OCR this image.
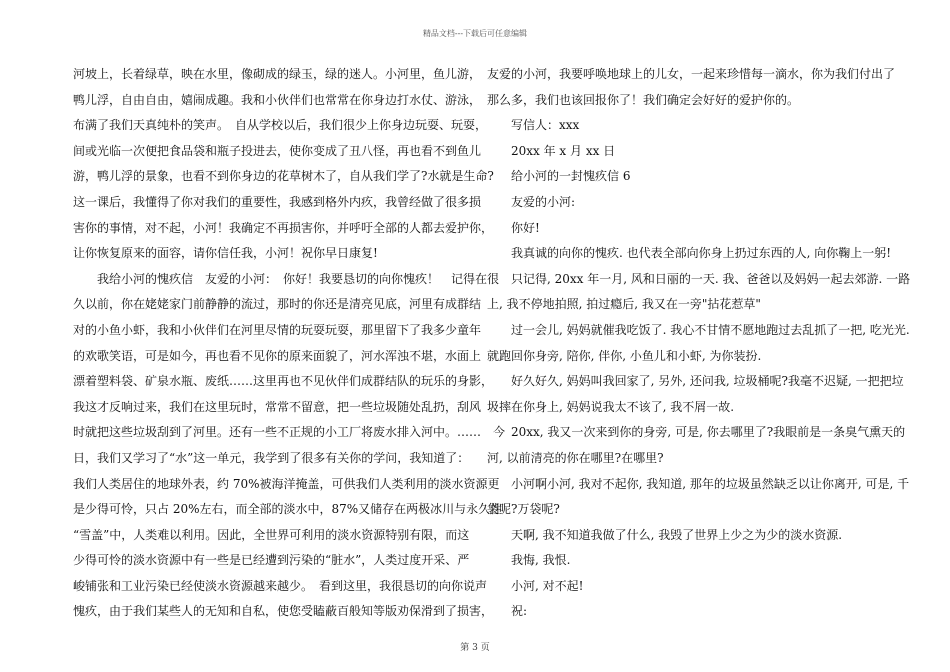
精品文档---下载后可任意编辑
河坡上，长着绿草，映在水里，像砌成的绿玉，绿的迷人。小河里，鱼儿游，
鸭儿浮，自由自由，嬉闹成趣。我和小伙伴们也常常在你身边打水仗、游泳，
布满了我们天真纯朴的笑声。　自从学校以后，我们很少上你身边玩耍、玩耍，
间或光临一次便把食品袋和瓶子投进去，使你变成了丑八怪，再也看不到鱼儿
游，鸭儿浮的景象，也看不到你身边的花草树木了，自从我们学了?水就是生命?
这一课后，我懂得了你对我们的重要性，我感到格外内疚，我曾经做了很多损
害你的事情，对不起，小河！我确定不再损害你，并呼吁全部的人都去爱护你，
让你恢复原来的面容，请你信任我，小河！祝你早日康复!
　　我给小河的愧疚信　友爱的小河：　你好！我要恳切的向你愧疚！　记得在很
久以前，你在姥姥家门前静静的流过，那时的你还是清亮见底，河里有成群结
对的小鱼小虾，我和小伙伴们在河里尽情的玩耍玩耍，那里留下了我多少童年
的欢歌笑语，可是如今，再也看不见你的原来面貌了，河水浑浊不堪，水面上
漂着塑料袋、矿泉水瓶、废纸……这里再也不见伙伴们成群结队的玩乐的身影，
我这才反响过来，我们在这里玩时，常常不留意，把一些垃圾随处乱扔，刮风
时就把这些垃圾刮到了河里。还有一些不正规的小工厂将废水排入河中。……　今
日，我们又学习了“水”这一单元，我学到了很多有关你的学问，我知道了：
我们人类居住的地球外表，约 70%被海洋掩盖，可供我们人类利用的淡水资源更
是少得可怜，只占 20%左右，而全部的淡水中，87%又储存在两极冰川与永久性
“雪盖”中，人类难以利用。因此，全世界可利用的淡水资源特别有限，而这
少得可怜的淡水资源中有一些是已经遭到污染的“脏水”，人类过度开采、严
峻铺张和工业污染已经使淡水资源越来越少。　看到这里，我很恳切的向你说声
愧疚，由于我们某些人的无知和自私，使您受瞌蔽百般知等版劝保滑到了损害，
友爱的小河，我要呼唤地球上的儿女，一起来珍惜每一滴水，你为我们付出了
那么多，我们也该回报你了！我们确定会好好的爱护你的。
　　写信人：xxx
　　20xx 年 x 月 xx 日
　　给小河的一封愧疚信 6
　　友爱的小河:
　　你好!
　　我真诚的向你的愧疚. 也代表全部向你身上扔过东西的人, 向你鞠上一躬!
　　只记得, 20xx 年一月, 风和日丽的一天. 我、爸爸以及妈妈一起去郊游. 一路
上, 我不停地拍照, 拍过瘾后, 我又在一旁"拈花惹草"
　　过一会儿, 妈妈就催我吃饭了. 我心不甘情不愿地跑过去乱抓了一把, 吃光光.
就跑回你身旁, 陪你, 伴你, 小鱼儿和小虾, 为你装扮.
　　好久好久, 妈妈叫我回家了, 另外, 还问我, 垃圾桶呢?我毫不迟疑, 一把把垃
圾摔在你身上, 妈妈说我太不该了, 我不屑一故.
　　20xx, 我又一次来到你的身旁, 可是, 你去哪里了?我眼前是一条臭气熏天的
河, 以前清亮的你在哪里?在哪里?
　　小河啊小河, 我对不起你, 我知道, 那年的垃圾虽然缺乏以让你离开, 可是, 千
袋呢?万袋呢?
　　天啊, 我不知道我做了什么, 我毁了世界上少之为少的淡水资源.
　　我悔, 我恨.
　　小河, 对不起!
　　祝:
第 3 页
